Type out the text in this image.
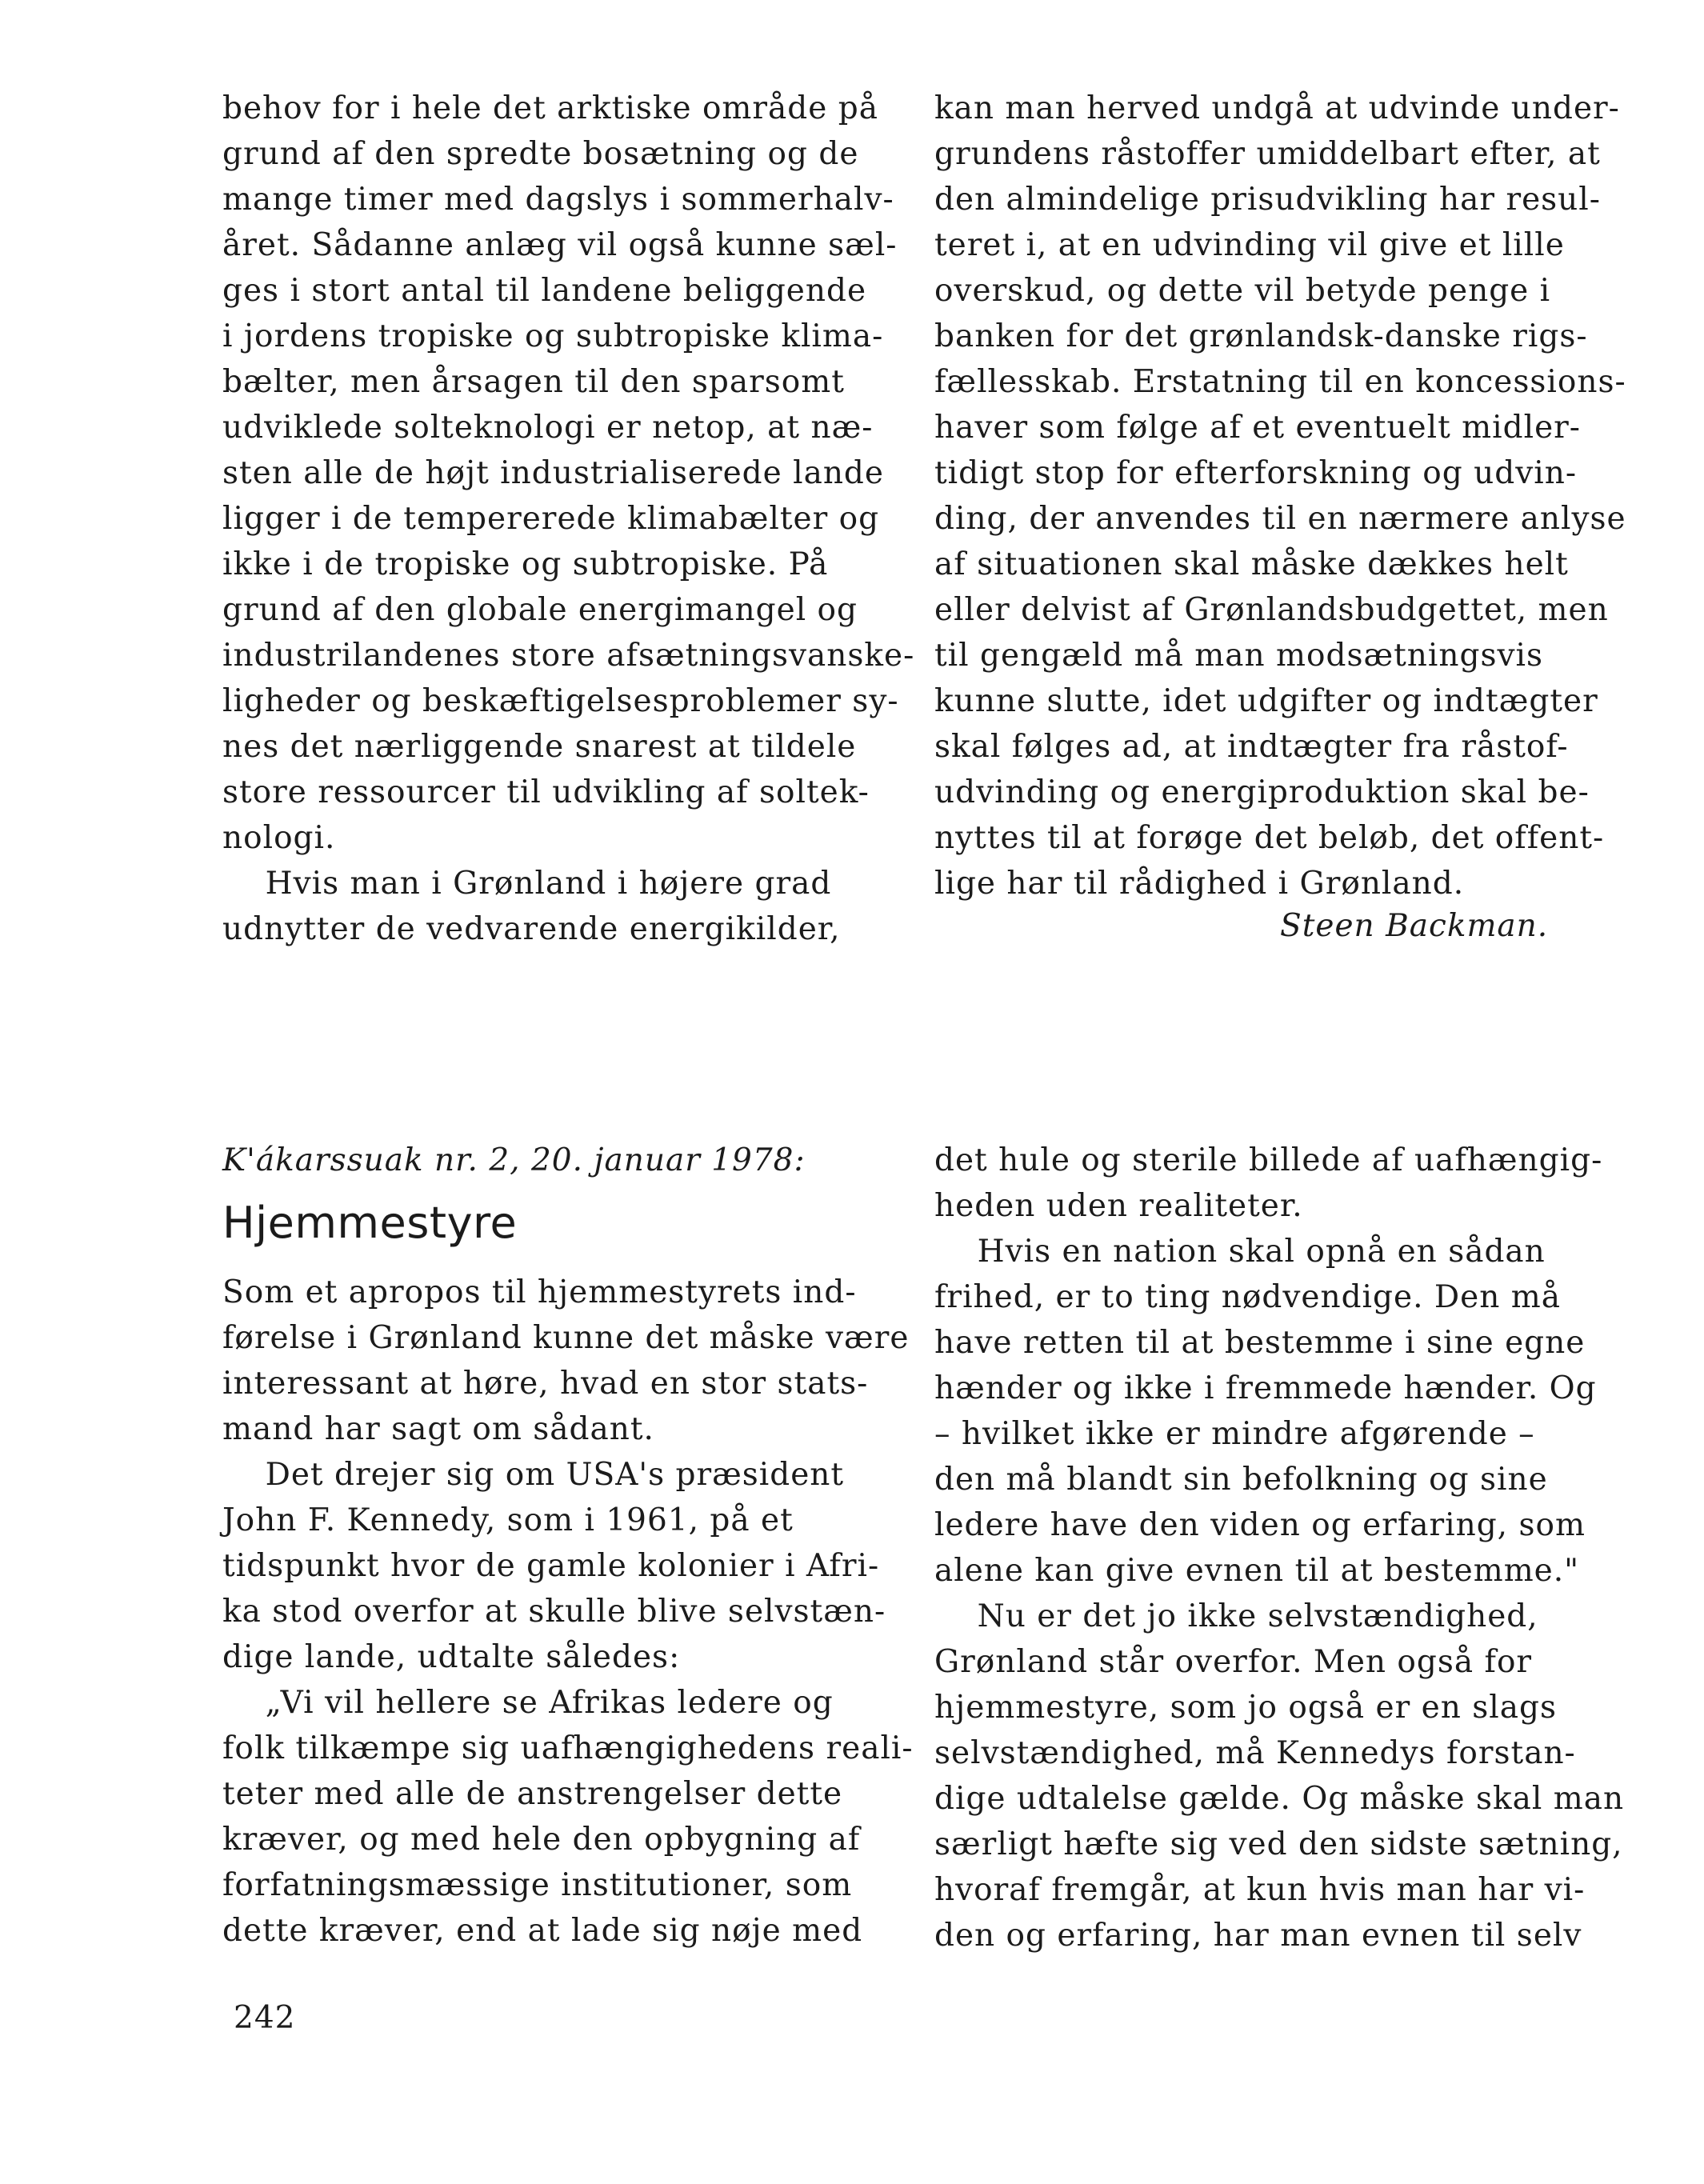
behov for i hele det arktiske område på
grund af den spredte bosætning og de
mange timer med dagslys i sommerhalv-
året. Sådanne anlæg vil også kunne sæl-
ges i stort antal til landene beliggende
i jordens tropiske og subtropiske klima-
bælter, men årsagen til den sparsomt
udviklede solteknologi er netop, at næ-
sten alle de højt industrialiserede lande
ligger i de tempererede klimabælter og
ikke i de tropiske og subtropiske. På
grund af den globale energimangel og
industrilandenes store afsætningsvanske-
ligheder og beskæftigelsesproblemer sy-
nes det nærliggende snarest at tildele
store ressourcer til udvikling af soltek-
nologi.
Hvis man i Grønland i højere grad
udnytter de vedvarende energikilder,
kan man herved undgå at udvinde under-
grundens råstoffer umiddelbart efter, at
den almindelige prisudvikling har resul-
teret i, at en udvinding vil give et lille
overskud, og dette vil betyde penge i
banken for det grønlandsk-danske rigs-
fællesskab. Erstatning til en koncessions-
haver som følge af et eventuelt midler-
tidigt stop for efterforskning og udvin-
ding, der anvendes til en nærmere anlyse
af situationen skal måske dækkes helt
eller delvist af Grønlandsbudgettet, men
til gengæld må man modsætningsvis
kunne slutte, idet udgifter og indtægter
skal følges ad, at indtægter fra råstof-
udvinding og energiproduktion skal be-
nyttes til at forøge det beløb, det offent-
lige har til rådighed i Grønland.
Steen Backman.
K'ákarssuak nr. 2, 20. januar 1978:
Hjemmestyre
Som et apropos til hjemmestyrets ind-
førelse i Grønland kunne det måske være
interessant at høre, hvad en stor stats-
mand har sagt om sådant.
Det drejer sig om USA's præsident
John F. Kennedy, som i 1961, på et
tidspunkt hvor de gamle kolonier i Afri-
ka stod overfor at skulle blive selvstæn-
dige lande, udtalte således:
„Vi vil hellere se Afrikas ledere og
folk tilkæmpe sig uafhængighedens reali-
teter med alle de anstrengelser dette
kræver, og med hele den opbygning af
forfatningsmæssige institutioner, som
dette kræver, end at lade sig nøje med
det hule og sterile billede af uafhængig-
heden uden realiteter.
Hvis en nation skal opnå en sådan
frihed, er to ting nødvendige. Den må
have retten til at bestemme i sine egne
hænder og ikke i fremmede hænder. Og
– hvilket ikke er mindre afgørende –
den må blandt sin befolkning og sine
ledere have den viden og erfaring, som
alene kan give evnen til at bestemme."
Nu er det jo ikke selvstændighed,
Grønland står overfor. Men også for
hjemmestyre, som jo også er en slags
selvstændighed, må Kennedys forstan-
dige udtalelse gælde. Og måske skal man
særligt hæfte sig ved den sidste sætning,
hvoraf fremgår, at kun hvis man har vi-
den og erfaring, har man evnen til selv
242
